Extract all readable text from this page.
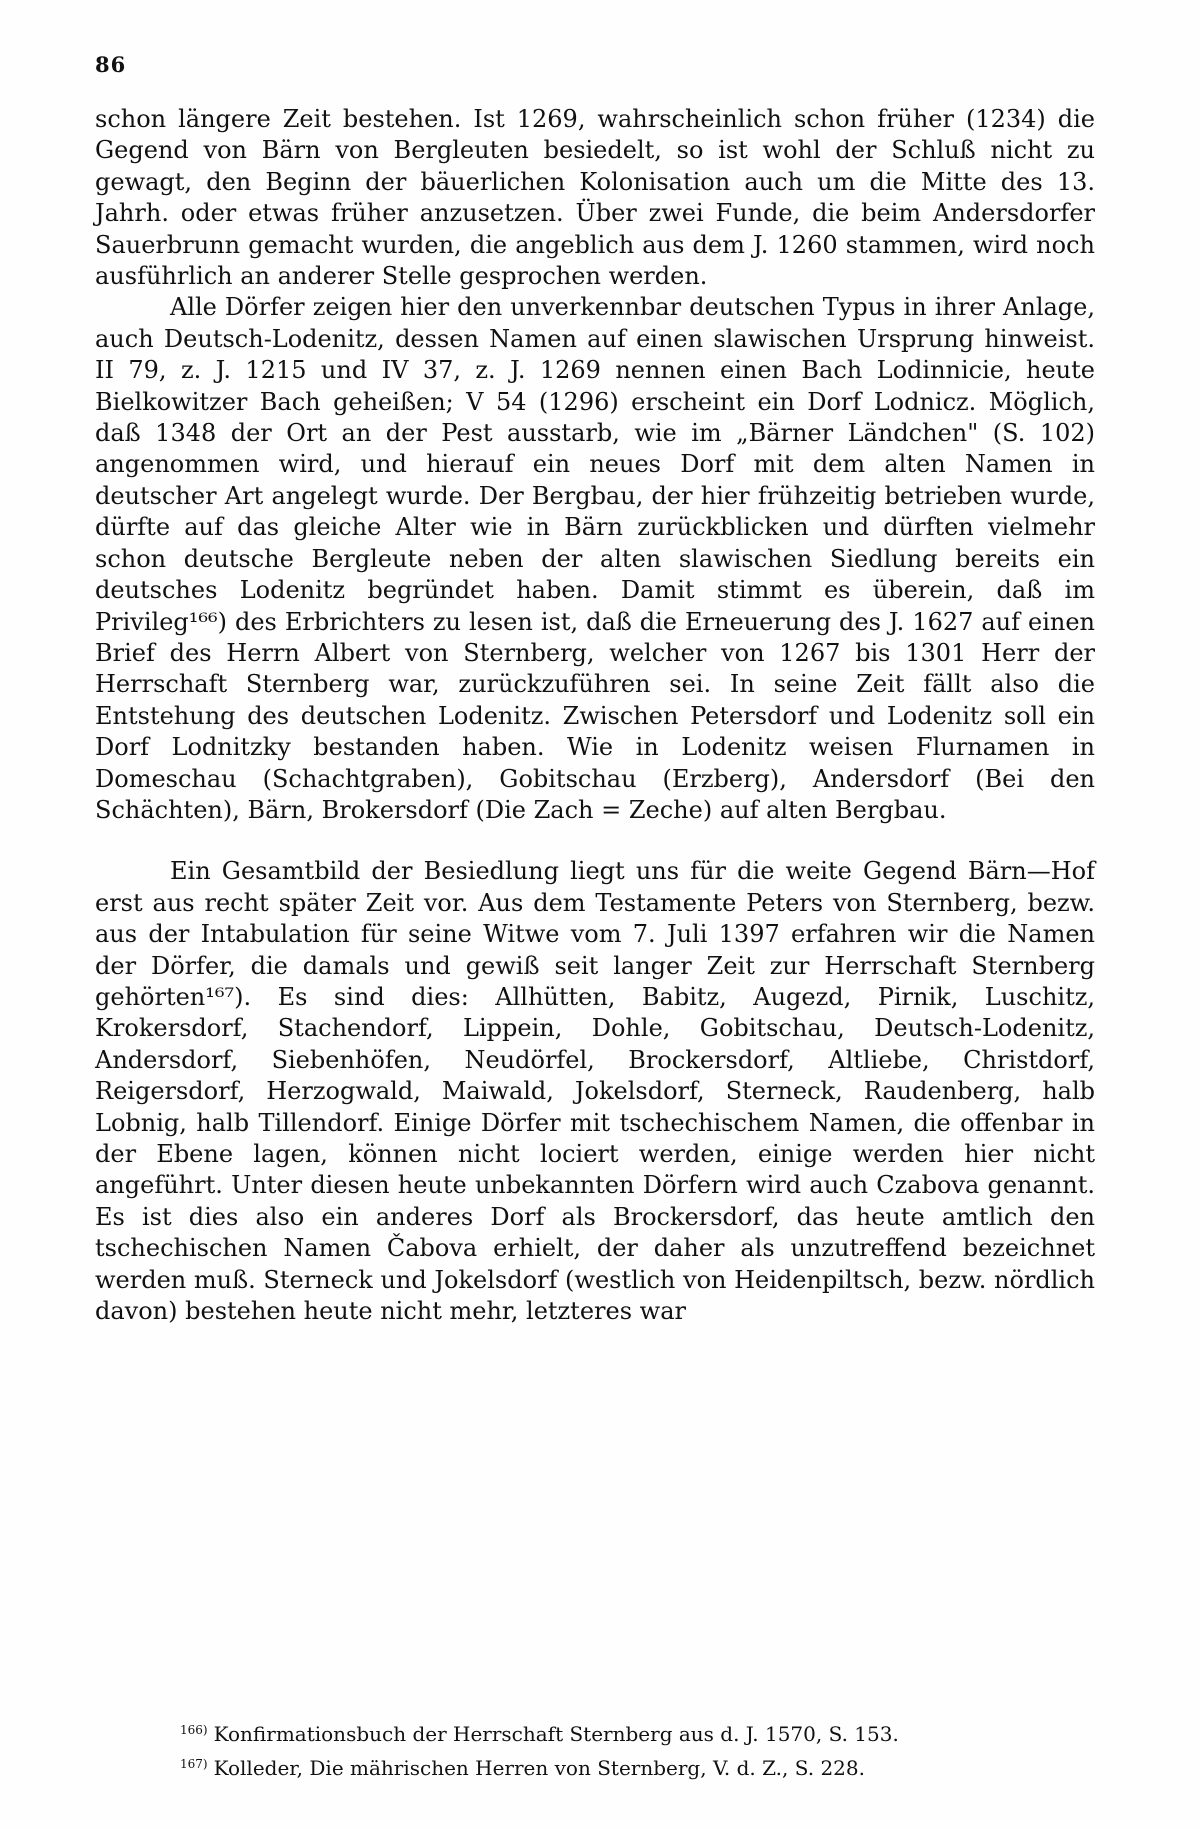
86

schon längere Zeit bestehen. Ist 1269, wahrscheinlich schon früher (1234) die Gegend von Bärn von Bergleuten besiedelt, so ist wohl der Schluß nicht zu gewagt, den Beginn der bäuerlichen Kolonisation auch um die Mitte des 13. Jahrh. oder etwas früher anzusetzen. Über zwei Funde, die beim Andersdorfer Sauerbrunn gemacht wurden, die angeblich aus dem J. 1260 stammen, wird noch ausführlich an anderer Stelle gesprochen werden.

Alle Dörfer zeigen hier den unverkennbar deutschen Typus in ihrer Anlage, auch Deutsch-Lodenitz, dessen Namen auf einen slawischen Ursprung hinweist. II 79, z. J. 1215 und IV 37, z. J. 1269 nennen einen Bach Lodinnicie, heute Bielkowitzer Bach geheißen; V 54 (1296) erscheint ein Dorf Lodnicz. Möglich, daß 1348 der Ort an der Pest ausstarb, wie im „Bärner Ländchen" (S. 102) angenommen wird, und hierauf ein neues Dorf mit dem alten Namen in deutscher Art angelegt wurde. Der Bergbau, der hier frühzeitig betrieben wurde, dürfte auf das gleiche Alter wie in Bärn zurückblicken und dürften vielmehr schon deutsche Bergleute neben der alten slawischen Siedlung bereits ein deutsches Lodenitz begründet haben. Damit stimmt es überein, daß im Privileg¹⁶⁶) des Erbrichters zu lesen ist, daß die Erneuerung des J. 1627 auf einen Brief des Herrn Albert von Sternberg, welcher von 1267 bis 1301 Herr der Herrschaft Sternberg war, zurückzuführen sei. In seine Zeit fällt also die Entstehung des deutschen Lodenitz. Zwischen Petersdorf und Lodenitz soll ein Dorf Lodnitzky bestanden haben. Wie in Lodenitz weisen Flurnamen in Domeschau (Schachtgraben), Gobitschau (Erzberg), Andersdorf (Bei den Schächten), Bärn, Brokersdorf (Die Zach = Zeche) auf alten Bergbau.

Ein Gesamtbild der Besiedlung liegt uns für die weite Gegend Bärn—Hof erst aus recht später Zeit vor. Aus dem Testamente Peters von Sternberg, bezw. aus der Intabulation für seine Witwe vom 7. Juli 1397 erfahren wir die Namen der Dörfer, die damals und gewiß seit langer Zeit zur Herrschaft Sternberg gehörten¹⁶⁷). Es sind dies: Allhütten, Babitz, Augezd, Pirnik, Luschitz, Krokersdorf, Stachendorf, Lippein, Dohle, Gobitschau, Deutsch-Lodenitz, Andersdorf, Siebenhöfen, Neudörfel, Brockersdorf, Altliebe, Christdorf, Reigersdorf, Herzogwald, Maiwald, Jokelsdorf, Sterneck, Raudenberg, halb Lobnig, halb Tillendorf. Einige Dörfer mit tschechischem Namen, die offenbar in der Ebene lagen, können nicht lociert werden, einige werden hier nicht angeführt. Unter diesen heute unbekannten Dörfern wird auch Czabova genannt. Es ist dies also ein anderes Dorf als Brockersdorf, das heute amtlich den tschechischen Namen Čabova erhielt, der daher als unzutreffend bezeichnet werden muß. Sterneck und Jokelsdorf (westlich von Heidenpiltsch, bezw. nördlich davon) bestehen heute nicht mehr, letzteres war

$^{166)}$ Konfirmationsbuch der Herrschaft Sternberg aus d. J. 1570, S. 153.
$^{167)}$ Kolleder, Die mährischen Herren von Sternberg, V. d. Z., S. 228.
